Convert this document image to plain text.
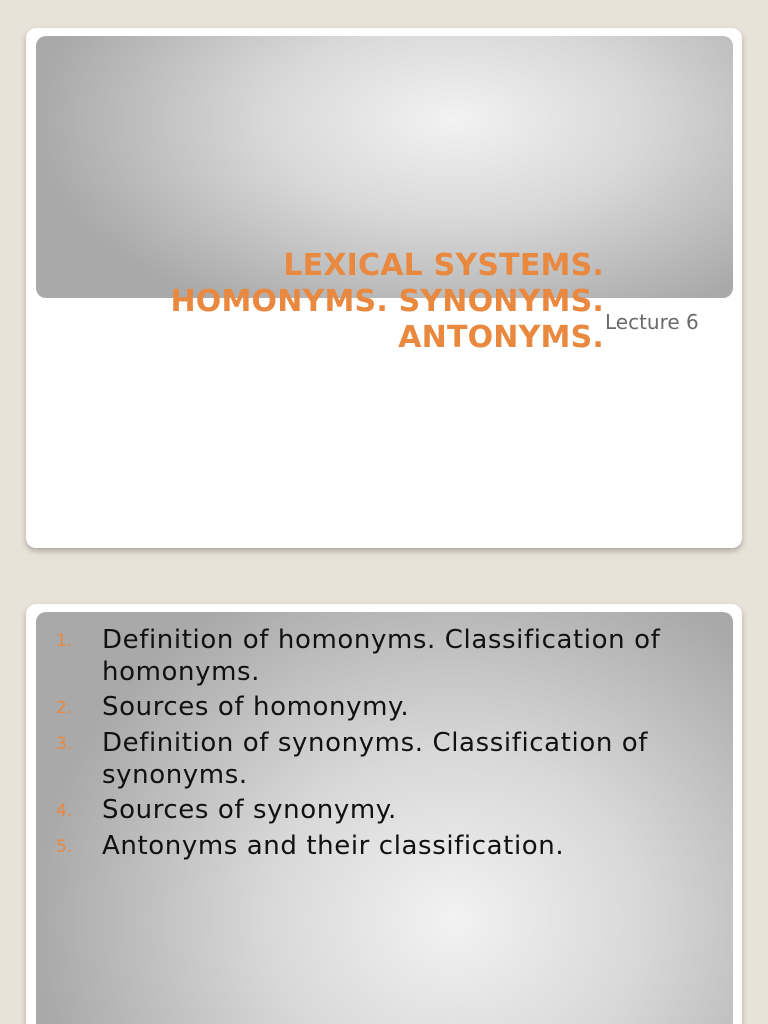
LEXICAL SYSTEMS.
HOMONYMS. SYNONYMS.
ANTONYMS. Lecture 6
1.	Definition of homonyms. Classification of homonyms.
2.	Sources of homonymy.
3.	Definition of synonyms. Classification of synonyms.
4.	Sources of synonymy.
5.	Antonyms and their classification.
